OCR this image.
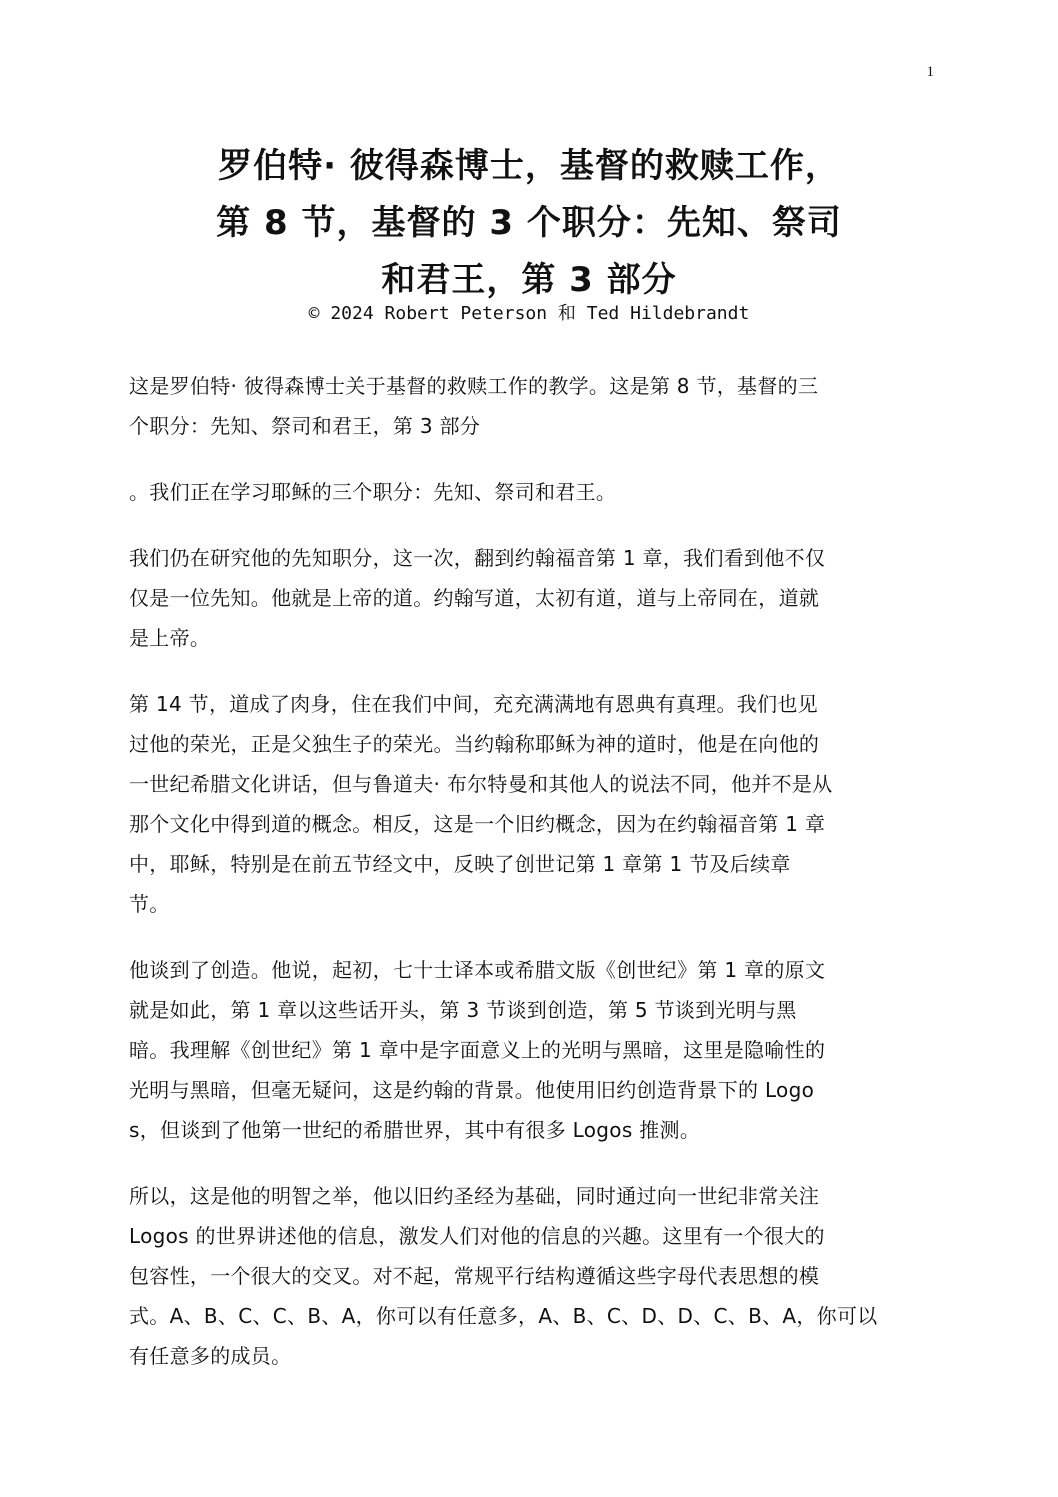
1
罗伯特· 彼得森博士，基督的救赎工作，
第 8 节，基督的 3 个职分：先知、祭司
和君王，第 3 部分
© 2024 Robert Peterson 和 Ted Hildebrandt

这是罗伯特· 彼得森博士关于基督的救赎工作的教学。这是第 8 节，基督的三
个职分：先知、祭司和君王，第 3 部分

。我们正在学习耶稣的三个职分：先知、祭司和君王。

我们仍在研究他的先知职分，这一次，翻到约翰福音第 1 章，我们看到他不仅
仅是一位先知。他就是上帝的道。约翰写道，太初有道，道与上帝同在，道就
是上帝。

第 14 节，道成了肉身，住在我们中间，充充满满地有恩典有真理。我们也见
过他的荣光，正是父独生子的荣光。当约翰称耶稣为神的道时，他是在向他的
一世纪希腊文化讲话，但与鲁道夫· 布尔特曼和其他人的说法不同，他并不是从
那个文化中得到道的概念。相反，这是一个旧约概念，因为在约翰福音第 1 章
中，耶稣，特别是在前五节经文中，反映了创世记第 1 章第 1 节及后续章
节。

他谈到了创造。他说，起初，七十士译本或希腊文版《创世纪》第 1 章的原文
就是如此，第 1 章以这些话开头，第 3 节谈到创造，第 5 节谈到光明与黑
暗。我理解《创世纪》第 1 章中是字面意义上的光明与黑暗，这里是隐喻性的
光明与黑暗，但毫无疑问，这是约翰的背景。他使用旧约创造背景下的 Logo
s，但谈到了他第一世纪的希腊世界，其中有很多 Logos 推测。

所以，这是他的明智之举，他以旧约圣经为基础，同时通过向一世纪非常关注
Logos 的世界讲述他的信息，激发人们对他的信息的兴趣。这里有一个很大的
包容性，一个很大的交叉。对不起，常规平行结构遵循这些字母代表思想的模
式。A、B、C、C、B、A，你可以有任意多，A、B、C、D、D、C、B、A，你可以
有任意多的成员。
